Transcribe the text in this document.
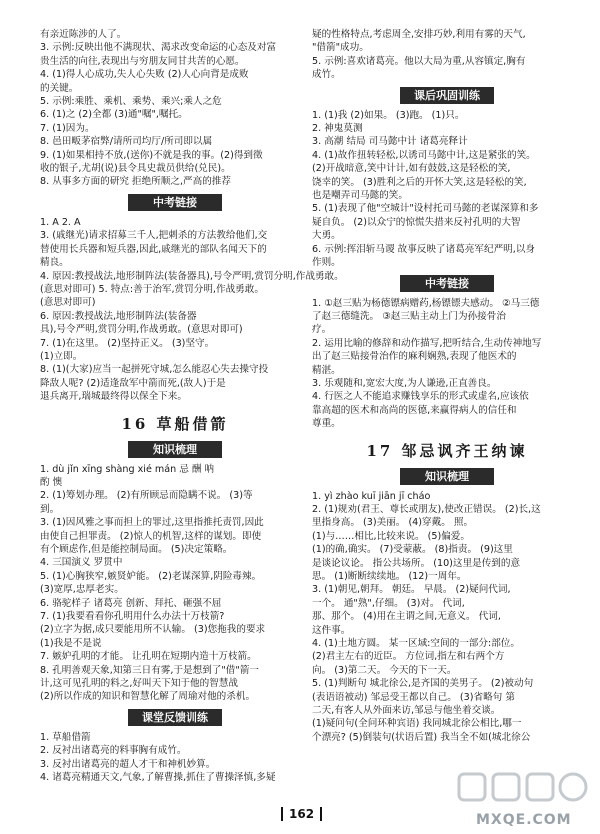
有亲近陈涉的人了。
3. 示例:反映出他不满现状、渴求改变命运的心态及对富
贵生活的向往,表现出与穷朋友同甘共苦的心愿。
4. (1)得人心成功,失人心失败 (2)人心向背是成败
的关键。
5. 示例:乘胜、乘机、乘势、乘兴;乘人之危
6. (1)之 (2)全都 (3)通"嘱",嘱托。
7. (1)因为。
8. 邑田畈茅宿弊/请所司均厅/所司即以属
9. (1)如果相持不放,(送你)不就是我的事。(2)得到徵
收的银子,尤胡(说)县令具史裁员供给(兑民)。
8. 从事多方面的研究 拒绝所顺之,严高的推荐
中考链接
1. A 2. A
3. (戚继光)请求招募三千人,把刺杀的方法教给他们,交
替使用长兵器和短兵器,因此,戚继光的部队名闻天下的
精良。
4. 原因:教授战法,地形制阵法(装备器具),号令严明,赏罚分明,作战勇敢。
(意思对即可) 5. 特点:善于治军,赏罚分明,作战勇敢。
(意思对即可)
6. 原因:教授战法,地形制阵法(装备器
具),号令严明,赏罚分明,作战勇敢。(意思对即可)
7. (1)在这里。 (2)坚持正义。 (3)坚守。
(1)立即。
8. (1)(大家)应当一起拼死守城,怎么能忍心失去操守投
降敌人呢? (2)适逢敌军中箭而死,(敌人)于是
退兵离开,瑞城最终得以保全下来。
16 草船借箭
知识梳理
1. dù jǐn xīng shàng xié mán 忌 酬 呐
酌 懊
2. (1)筹划办理。 (2)有所顾忌而隐瞒不说。 (3)等
到。
3. (1)因风雅之事而担上的罪过,这里指推托责罚,因此
由使自己担罪责。 (2)惊人的机智,这样的谋划。即使
有个顾虑作,但是能控制局面。 (5)决定策略。
4. 三国演义 罗贯中
5. (1)心胸狭窄,嫉贤妒能。 (2)老谋深算,阴险毒辣。
(3)宽厚,忠厚老实。
6. 骆驼样子 诸葛亮 创新、拜托、砸强不屈
7. (1)我要看看你孔明用什么办法十万枝箭?
(2)立字为据,成只要能用所不认输。 (3)您拖我的要求
(1)我是不是说
7. 嫉妒孔明的才能。 让孔明在短期内造十万枝箭。
8. 孔明善观天象,知第三日有雾,于是想到了"借"箭一
计,这可见孔明的料之,好叫天下知于他的智慧战
(2)所以作成的知识和智慧化解了周瑜对他的杀机。
课堂反馈训练
1. 草船借箭
2. 反衬出诸葛亮的料事胸有成竹。
3. 反衬出诸葛亮的超人才干和神机妙算。
4. 诸葛亮精通天文,气象,了解曹操,抓住了曹操泽慎,多疑
疑的性格特点,考虑周全,安排巧妙,利用有雾的天气,
"借箭"成功。
5. 示例:喜欢诸葛亮。他以大局为重,从容镇定,胸有
成竹。
课后巩固训练
1. (1)我 (2)如果。 (3)跑。 (1)只。
2. 神鬼莫测
3. 高潮 结局 司马懿中计 诸葛亮释计
4. (1)故作扭转轻松,以诱司马懿中计,这是紧张的笑。
(2)开战暗意,笑中计计,如有鼓鼓,这是轻松的笑,
饶幸的笑。 (3)胜利之后的开怀大笑,这是轻松的笑,
也是嘲弄司马懿的笑。
5. (1)表现了他"空城计"设村托司马懿的老谋深算和多
疑自负。 (2)以众宁的惊慌失措来反衬孔明的大智
大勇。
6. 示例:挥泪斩马谡 故事反映了诸葛亮军纪严明,以身
作则。
中考链接
1. ①赵三贴为杨德镖病赠药,杨镖镖夫感动。 ②马三德
了赵三德缝洗。 ③赵三贴主动上门为孙接骨治
疗。
2. 运用比喻的修辞和动作描写,把听结合,生动传神地写
出了赵三贴接骨治作的麻利娴熟,表现了他医术的
精湛。
3. 乐观随和,宽宏大度,为人谦逊,正直善良。
4. 行医之人不能追求赚钱享乐的形式或虚名,应该依
靠高超的医术和高尚的医德,来赢得病人的信任和
尊重。
17 邹忌讽齐王纳谏
知识梳理
1. yì zhào kuī jiān jī cháo
2. (1)规劝(君王、尊长或朋友),使改正错误。 (2)长,这
里指身高。 (3)美丽。 (4)穿戴。 照。
(1)与……相比,比较来说。 (5)偏爱。
(1)的确,确实。 (7)受蒙蔽。 (8)指责。 (9)这里
是谈论议论。 指公共场所。 (10)这里是传到的意
思。 (1)断断续续地。 (12)一周年。
3. (1)朝见,朝拜。 朝廷。 早晨。 (2)疑问代词,
一个。 通"熟",仔细。 (3)对。 代词,
那、那个。 (4)用在主谓之间,无意义。 代词,
这件事。
4. (1)土地方圆。 某一区域:空间的一部分:部位。
(2)君主左右的近臣。 方位词,指左和右两个方
向。 (3)第二天。 今天的下一天。
5. (1)判断句 城北徐公,是齐国的美男子。 (2)被动句
(表语语被动) 邹忌受王都以自己。 (3)省略句 第
二天,有客人从外面来访,邹忌与他坐着交谈。
(1)疑问句(全问环种宾语) 我同城北徐公相比,哪一
个漂亮? (5)倒装句(状语后置) 我当全不如(城北徐公
162	MXQE.COM
